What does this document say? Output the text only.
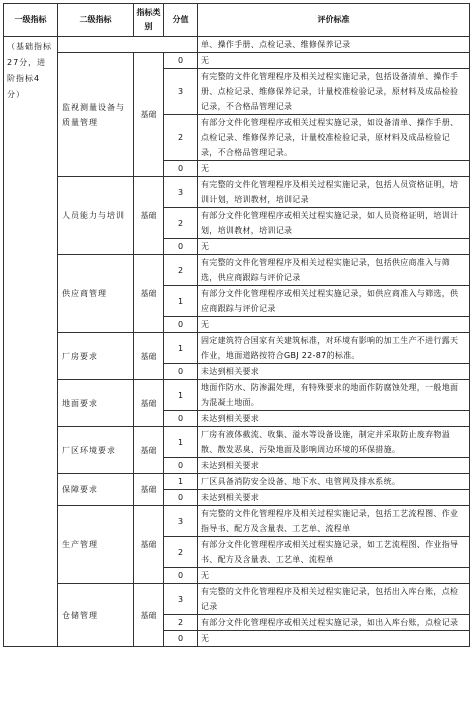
一级指标	二级指标	指标类别	分值	评价标准
（基础指标27分，进阶指标4分）				单、操作手册、点检记录、维修保养记录
	监视测量设备与质量管理	基础	0	无
			3	有完整的文件化管理程序及相关过程实施记录，包括设备清单、操作手册、点检记录、维修保养记录，计量校准检验记录，原材料及成品检验记录，不合格品管理记录
			2	有部分文件化管理程序或相关过程实施记录，如设备清单、操作手册、点检记录、维修保养记录，计量校准检验记录，原材料及成品检验记录，不合格品管理记录。
			0	无
	人员能力与培训	基础	3	有完整的文件化管理程序及相关过程实施记录，包括人员资格证明，培训计划，培训教材，培训记录
			2	有部分文件化管理程序或相关过程实施记录，如人员资格证明，培训计划，培训教材，培训记录
			0	无
	供应商管理	基础	2	有完整的文件化管理程序及相关过程实施记录，包括供应商准入与筛选，供应商跟踪与评价记录
			1	有部分文件化管理程序或相关过程实施记录，如供应商准入与筛选，供应商跟踪与评价记录
			0	无
	厂房要求	基础	1	固定建筑符合国家有关建筑标准，对环境有影响的加工生产不进行露天作业，地面道路按符合GBJ 22-87的标准。
			0	未达到相关要求
	地面要求	基础	1	地面作防水、防渗漏处理，有特殊要求的地面作防腐蚀处理，一般地面为混凝土地面。
			0	未达到相关要求
	厂区环境要求	基础	1	厂房有液体截流、收集、溢水等设备设施，制定并采取防止废弃物溢散、散发恶臭、污染地面及影响周边环境的环保措施。
			0	未达到相关要求
	保障要求	基础	1	厂区具备消防安全设备、地下水、电管网及排水系统。
			0	未达到相关要求
	生产管理	基础	3	有完整的文件化管理程序及相关过程实施记录，包括工艺流程图、作业指导书、配方及含量表、工艺单、流程单
			2	有部分文件化管理程序或相关过程实施记录，如工艺流程图、作业指导书、配方及含量表、工艺单、流程单
			0	无
	仓储管理	基础	3	有完整的文件化管理程序及相关过程实施记录，包括出入库台账，点检记录
			2	有部分文件化管理程序或相关过程实施记录，如出入库台账，点检记录
			0	无
